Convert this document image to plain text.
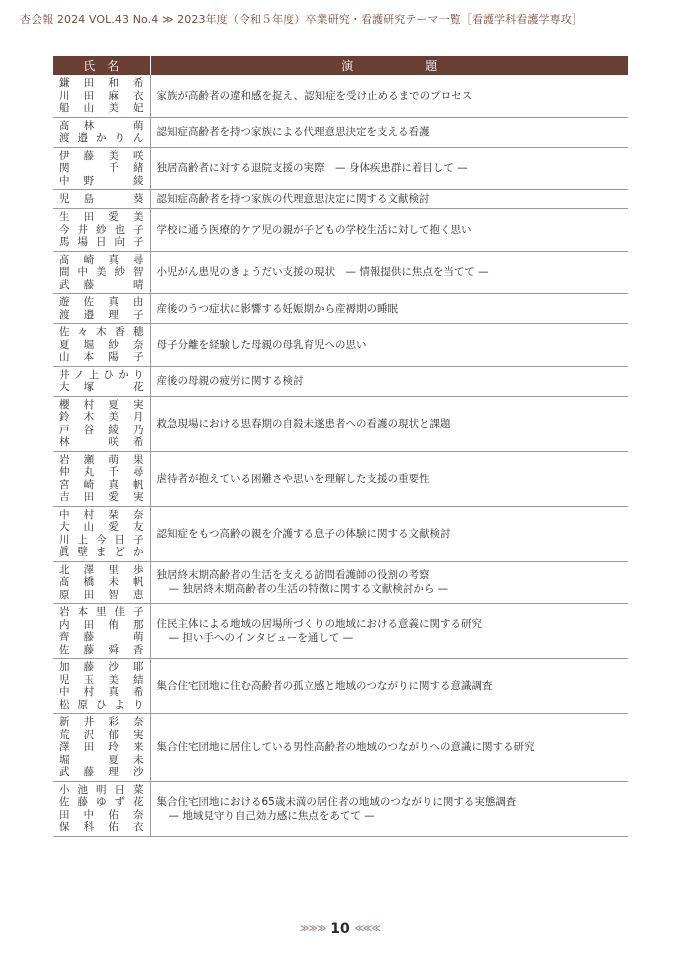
杏会報 2024 VOL.43 No.4 ≫ 2023年度（令和５年度）卒業研究・看護研究テーマ一覧［看護学科看護学専攻］
氏　名	演　　　　　　題

鎌田和希
川田麻衣
船山美妃	家族が高齢者の違和感を捉え、認知症を受け止めるまでのプロセス

髙林　萌
渡邉かりん	認知症高齢者を持つ家族による代理意思決定を支える看護

伊藤美咲
関　千緒
中野　綾	独居高齢者に対する退院支援の実際　— 身体疾患群に着目して —

児島　葵	認知症高齢者を持つ家族の代理意思決定に関する文献検討

生田愛美
今井紗也子
馬場日向子	学校に通う医療的ケア児の親が子どもの学校生活に対して抱く思い

髙崎真尋
間中美紗智
武藤　晴	小児がん患児のきょうだい支援の現状　— 情報提供に焦点を当てて —

遊佐真由
渡邉理子	産後のうつ症状に影響する妊娠期から産褥期の睡眠

佐々木香穂
夏堀紗奈
山本陽子	母子分離を経験した母親の母乳育児への思い

井ノ上ひかり
大塚　花	産後の母親の疲労に関する検討

櫻村夏実
鈴木美月
戸谷綾乃
林　咲希	救急現場における思春期の自殺未遂患者への看護の現状と課題

岩瀬萌果
仲丸千尋
宮崎真帆
吉田愛実	虐待者が抱えている困難さや思いを理解した支援の重要性

中村栞奈
大山愛友
川上今日子
眞壁まどか	認知症をもつ高齢の親を介護する息子の体験に関する文献検討

北澤里歩
髙橋未帆
原田智恵	独居終末期高齢者の生活を支える訪問看護師の役割の考察
— 独居終末期高齢者の生活の特徴に関する文献検討から —

岩本里佳子
内田侑那
齊藤　萌
佐藤舜香	住民主体による地域の居場所づくりの地域における意義に関する研究
— 担い手へのインタビューを通して —

加藤沙耶
児玉美結
中村真希
松原ひより	集合住宅団地に住む高齢者の孤立感と地域のつながりに関する意識調査

新井彩奈
荒沢郁実
澤田玲来
堀　夏未
武藤理沙	集合住宅団地に居住している男性高齢者の地域のつながりへの意識に関する研究

小池明日菜
佐藤ゆず花
田中佑奈
保科佑衣	集合住宅団地における65歳未満の居住者の地域のつながりに関する実態調査
— 地域見守り自己効力感に焦点をあてて —
≫≫≫ 10 ≪≪≪
